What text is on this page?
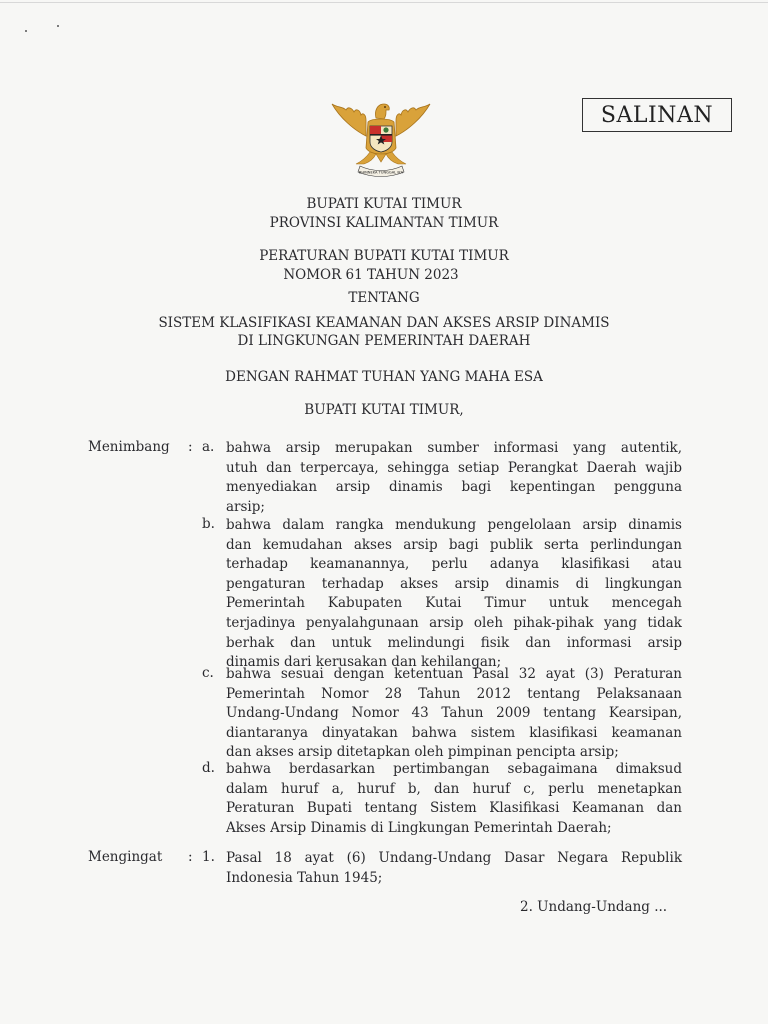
SALINAN
BHINNEKA TUNGGAL IKA
BUPATI KUTAI TIMUR
PROVINSI KALIMANTAN TIMUR
PERATURAN BUPATI KUTAI TIMUR
NOMOR 61 TAHUN 2023
TENTANG
SISTEM KLASIFIKASI KEAMANAN DAN AKSES ARSIP DINAMIS
DI LINGKUNGAN PEMERINTAH DAERAH
DENGAN RAHMAT TUHAN YANG MAHA ESA
BUPATI KUTAI TIMUR,
Menimbang : a. bahwa arsip merupakan sumber informasi yang autentik,
utuh dan terpercaya, sehingga setiap Perangkat Daerah wajib
menyediakan arsip dinamis bagi kepentingan pengguna
arsip;
b. bahwa dalam rangka mendukung pengelolaan arsip dinamis
dan kemudahan akses arsip bagi publik serta perlindungan
terhadap keamanannya, perlu adanya klasifikasi atau
pengaturan terhadap akses arsip dinamis di lingkungan
Pemerintah Kabupaten Kutai Timur untuk mencegah
terjadinya penyalahgunaan arsip oleh pihak-pihak yang tidak
berhak dan untuk melindungi fisik dan informasi arsip
dinamis dari kerusakan dan kehilangan;
c. bahwa sesuai dengan ketentuan Pasal 32 ayat (3) Peraturan
Pemerintah Nomor 28 Tahun 2012 tentang Pelaksanaan
Undang-Undang Nomor 43 Tahun 2009 tentang Kearsipan,
diantaranya dinyatakan bahwa sistem klasifikasi keamanan
dan akses arsip ditetapkan oleh pimpinan pencipta arsip;
d. bahwa berdasarkan pertimbangan sebagaimana dimaksud
dalam huruf a, huruf b, dan huruf c, perlu menetapkan
Peraturan Bupati tentang Sistem Klasifikasi Keamanan dan
Akses Arsip Dinamis di Lingkungan Pemerintah Daerah;
Mengingat : 1. Pasal 18 ayat (6) Undang-Undang Dasar Negara Republik
Indonesia Tahun 1945;
2. Undang-Undang ...
